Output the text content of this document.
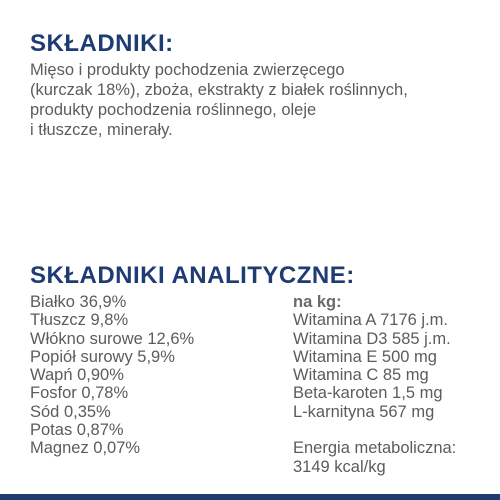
SKŁADNIKI:

Mięso i produkty pochodzenia zwierzęcego
(kurczak 18%), zboża, ekstrakty z białek roślinnych,
produkty pochodzenia roślinnego, oleje
i tłuszcze, minerały.

SKŁADNIKI ANALITYCZNE:
Białko 36,9%
Tłuszcz 9,8%
Włókno surowe 12,6%
Popiół surowy 5,9%
Wapń 0,90%
Fosfor 0,78%
Sód 0,35%
Potas 0,87%
Magnez 0,07%
na kg:
Witamina A 7176 j.m.
Witamina D3 585 j.m.
Witamina E 500 mg
Witamina C 85 mg
Beta-karoten 1,5 mg
L-karnityna 567 mg
Energia metaboliczna:
3149 kcal/kg
